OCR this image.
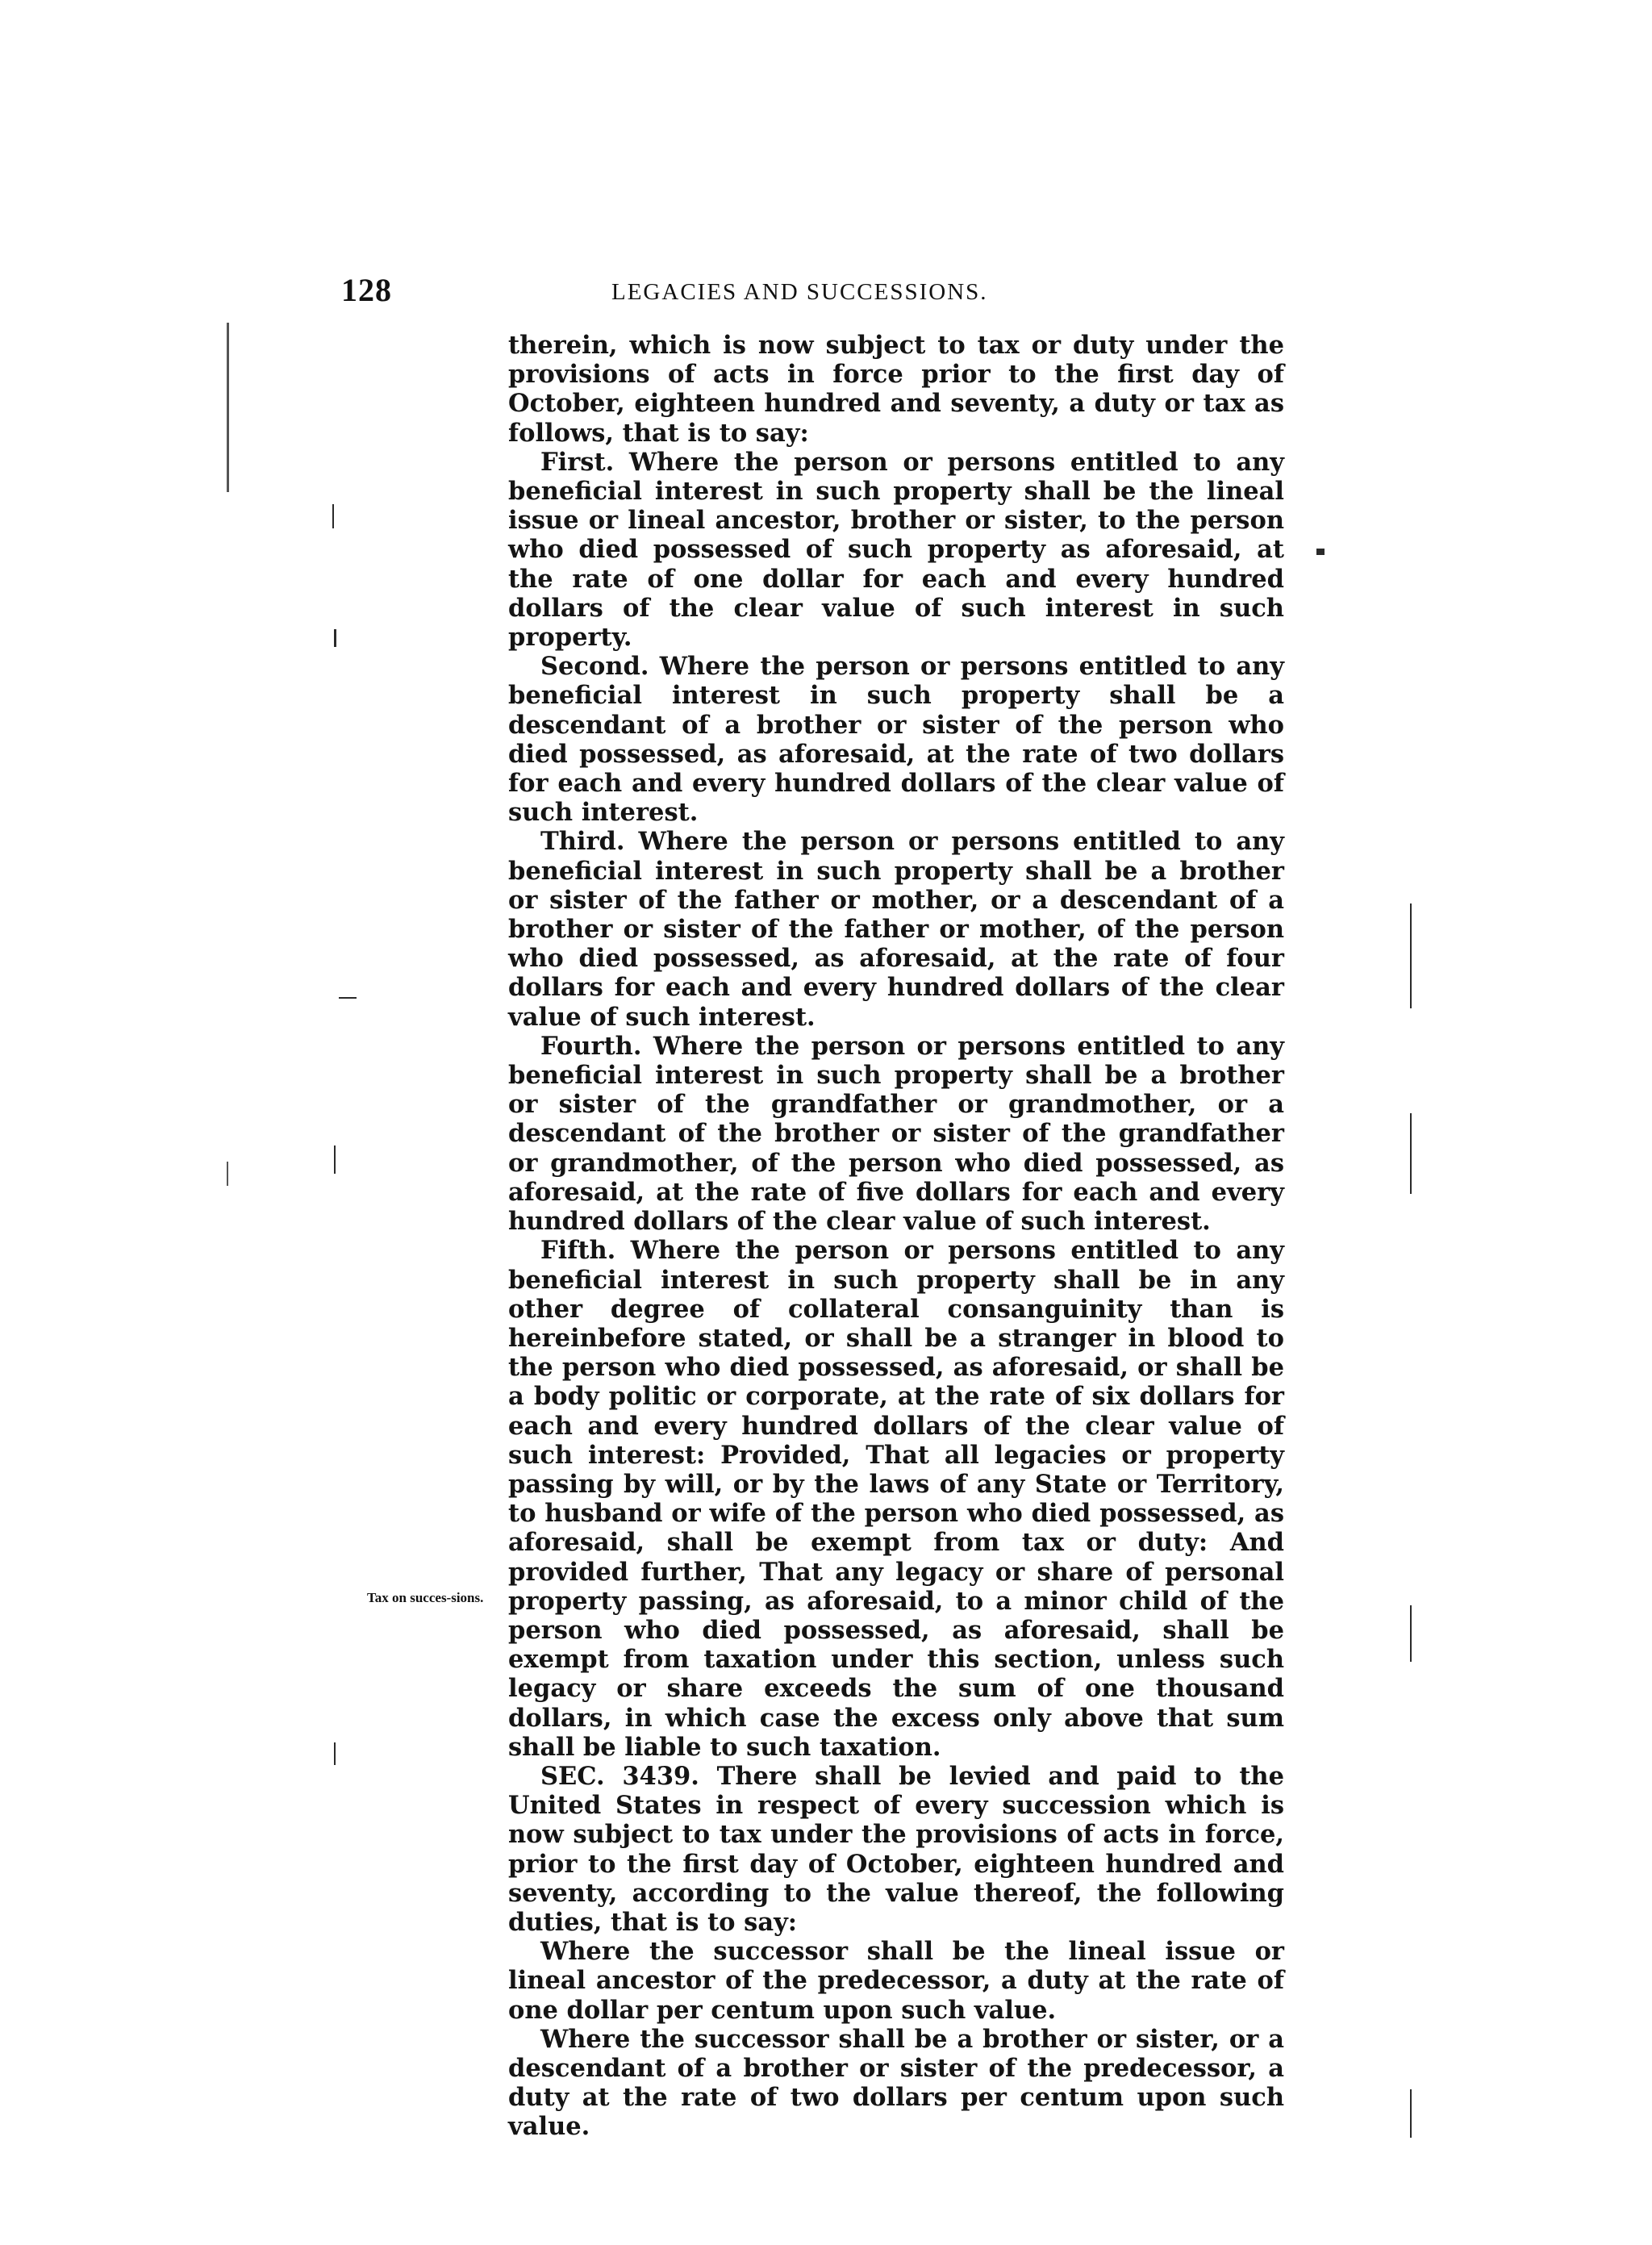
128	LEGACIES AND SUCCESSIONS.
Tax on succes-sions.

therein, which is now subject to tax or duty under the provisions of acts in force prior to the first day of October, eighteen hundred and seventy, a duty or tax as follows, that is to say:

First. Where the person or persons entitled to any beneficial interest in such property shall be the lineal issue or lineal ancestor, brother or sister, to the person who died possessed of such property as aforesaid, at the rate of one dollar for each and every hundred dollars of the clear value of such interest in such property.

Second. Where the person or persons entitled to any beneficial interest in such property shall be a descendant of a brother or sister of the person who died possessed, as aforesaid, at the rate of two dollars for each and every hundred dollars of the clear value of such interest.

Third. Where the person or persons entitled to any beneficial interest in such property shall be a brother or sister of the father or mother, or a descendant of a brother or sister of the father or mother, of the person who died possessed, as aforesaid, at the rate of four dollars for each and every hundred dollars of the clear value of such interest.

Fourth. Where the person or persons entitled to any beneficial interest in such property shall be a brother or sister of the grandfather or grandmother, or a descendant of the brother or sister of the grandfather or grandmother, of the person who died possessed, as aforesaid, at the rate of five dollars for each and every hundred dollars of the clear value of such interest.

Fifth. Where the person or persons entitled to any beneficial interest in such property shall be in any other degree of collateral consanguinity than is hereinbefore stated, or shall be a stranger in blood to the person who died possessed, as aforesaid, or shall be a body politic or corporate, at the rate of six dollars for each and every hundred dollars of the clear value of such interest: Provided, That all legacies or property passing by will, or by the laws of any State or Territory, to husband or wife of the person who died possessed, as aforesaid, shall be exempt from tax or duty: And provided further, That any legacy or share of personal property passing, as aforesaid, to a minor child of the person who died possessed, as aforesaid, shall be exempt from taxation under this section, unless such legacy or share exceeds the sum of one thousand dollars, in which case the excess only above that sum shall be liable to such taxation.

SEC. 3439. There shall be levied and paid to the United States in respect of every succession which is now subject to tax under the provisions of acts in force, prior to the first day of October, eighteen hundred and seventy, according to the value thereof, the following duties, that is to say:

Where the successor shall be the lineal issue or lineal ancestor of the predecessor, a duty at the rate of one dollar per centum upon such value.

Where the successor shall be a brother or sister, or a descendant of a brother or sister of the predecessor, a duty at the rate of two dollars per centum upon such value.
